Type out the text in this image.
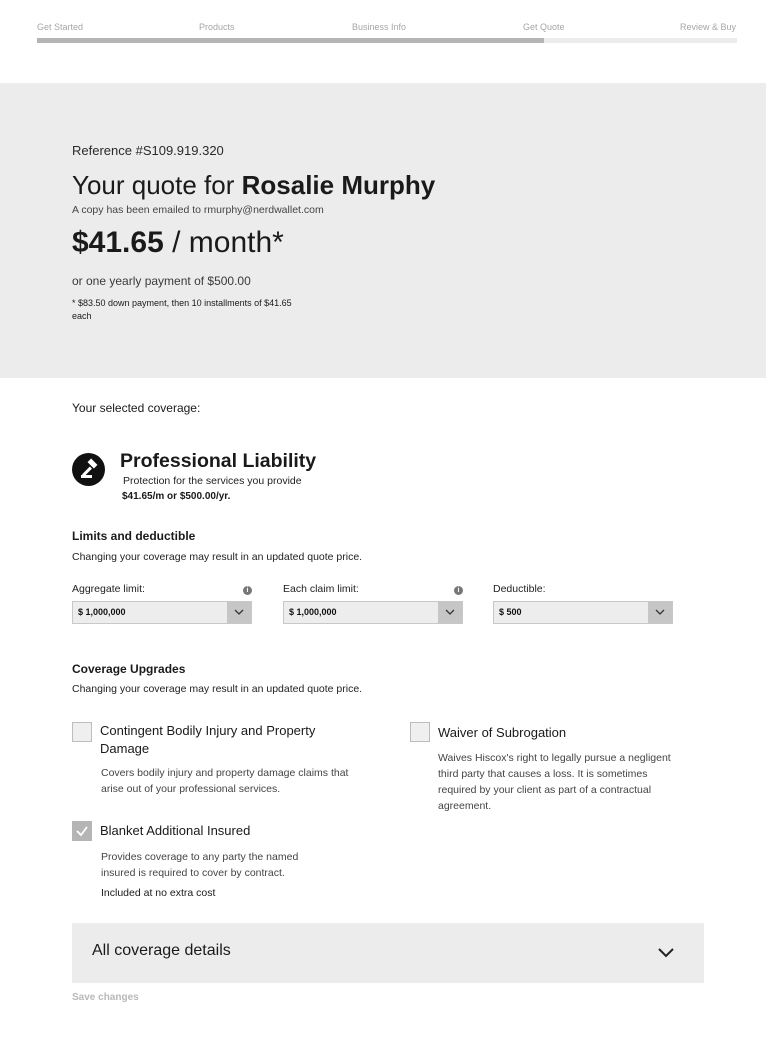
Get Started	Products	Business Info	Get Quote	Review & Buy
Reference #S109.919.320
Your quote for Rosalie Murphy
A copy has been emailed to rmurphy@nerdwallet.com
$41.65 / month*
or one yearly payment of $500.00
* $83.50 down payment, then 10 installments of $41.65 each
Your selected coverage:
Professional Liability
Protection for the services you provide
$41.65/m or $500.00/yr.
Limits and deductible
Changing your coverage may result in an updated quote price.
Aggregate limit:	i
$ 1,000,000
Each claim limit:	i
$ 1,000,000
Deductible:
$ 500
Coverage Upgrades
Changing your coverage may result in an updated quote price.
Contingent Bodily Injury and Property Damage
Covers bodily injury and property damage claims that arise out of your professional services.
Waiver of Subrogation
Waives Hiscox's right to legally pursue a negligent third party that causes a loss. It is sometimes required by your client as part of a contractual agreement.
Blanket Additional Insured
Provides coverage to any party the named insured is required to cover by contract.
Included at no extra cost
All coverage details
Save changes
